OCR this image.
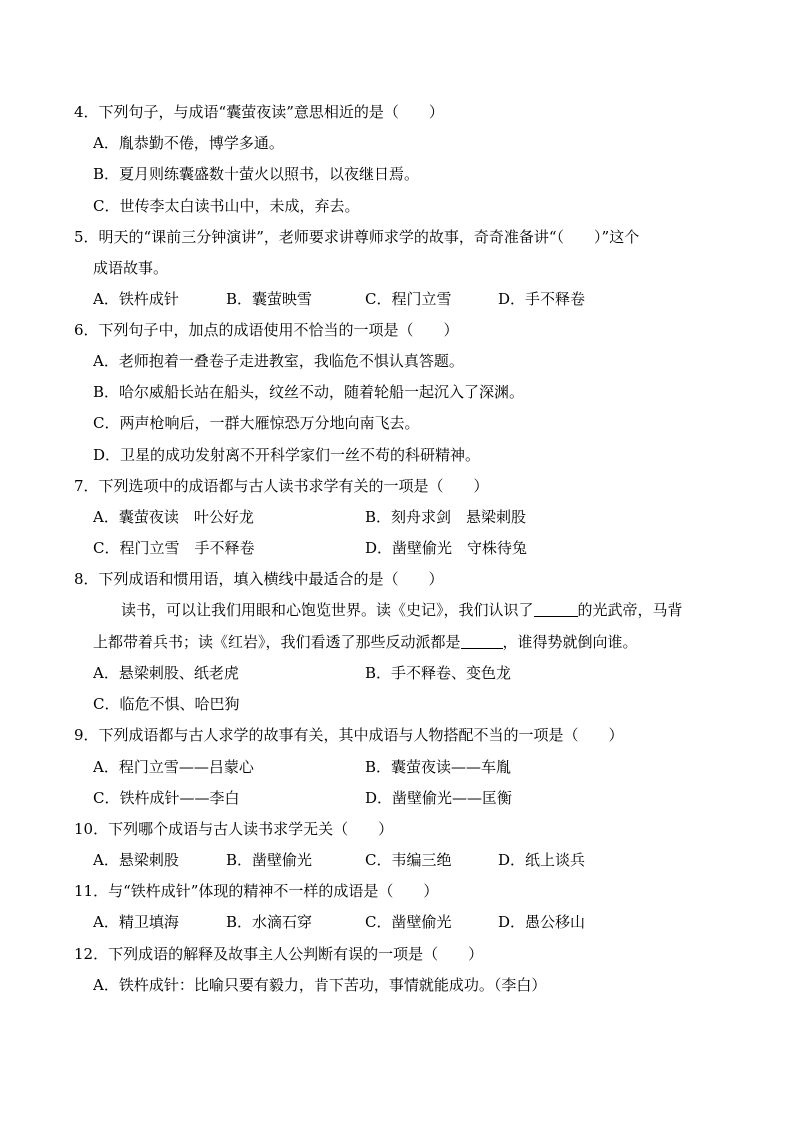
4．下列句子，与成语“囊萤夜读”意思相近的是（　　）
A．胤恭勤不倦，博学多通。
B．夏月则练囊盛数十萤火以照书，以夜继日焉。
C．世传李太白读书山中，未成，弃去。
5．明天的“课前三分钟演讲”，老师要求讲尊师求学的故事，奇奇准备讲“（　　）”这个
成语故事。
A．铁杵成针	B．囊萤映雪	C．程门立雪	D．手不释卷
6．下列句子中，加点的成语使用不恰当的一项是（　　）
A．老师抱着一叠卷子走进教室，我临危不惧认真答题。
B．哈尔威船长站在船头，纹丝不动，随着轮船一起沉入了深渊。
C．两声枪响后，一群大雁惊恐万分地向南飞去。
D．卫星的成功发射离不开科学家们一丝不苟的科研精神。
7．下列选项中的成语都与古人读书求学有关的一项是（　　）
A．囊萤夜读　叶公好龙	B．刻舟求剑　悬梁刺股
C．程门立雪　手不释卷	D．凿壁偷光　守株待兔
8．下列成语和惯用语，填入横线中最适合的是（　　）
读书，可以让我们用眼和心饱览世界。读《史记》，我们认识了	的光武帝，马背
上都带着兵书；读《红岩》，我们看透了那些反动派都是	，谁得势就倒向谁。
A．悬梁刺股、纸老虎	B．手不释卷、变色龙
C．临危不惧、哈巴狗
9．下列成语都与古人求学的故事有关，其中成语与人物搭配不当的一项是（　　）
A．程门立雪——吕蒙心	B．囊萤夜读——车胤
C．铁杵成针——李白	D．凿壁偷光——匡衡
10．下列哪个成语与古人读书求学无关（　　）
A．悬梁刺股	B．凿壁偷光	C．韦编三绝	D．纸上谈兵
11．与“铁杵成针”体现的精神不一样的成语是（　　）
A．精卫填海	B．水滴石穿	C．凿壁偷光	D．愚公移山
12．下列成语的解释及故事主人公判断有误的一项是（　　）
A．铁杵成针：比喻只要有毅力，肯下苦功，事情就能成功。（李白）
